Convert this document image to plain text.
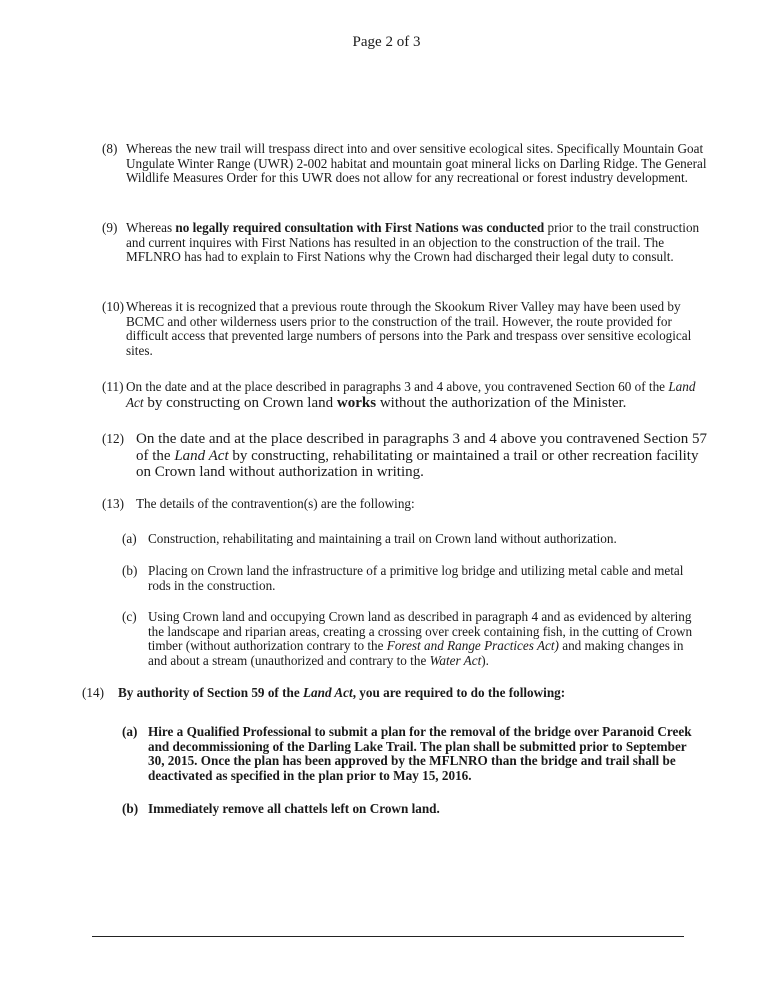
Page 2 of 3
(8) Whereas the new trail will trespass direct into and over sensitive ecological sites. Specifically Mountain Goat Ungulate Winter Range (UWR) 2-002 habitat and mountain goat mineral licks on Darling Ridge. The General Wildlife Measures Order for this UWR does not allow for any recreational or forest industry development.
(9) Whereas no legally required consultation with First Nations was conducted prior to the trail construction and current inquires with First Nations has resulted in an objection to the construction of the trail. The MFLNRO has had to explain to First Nations why the Crown had discharged their legal duty to consult.
(10) Whereas it is recognized that a previous route through the Skookum River Valley may have been used by BCMC and other wilderness users prior to the construction of the trail. However, the route provided for difficult access that prevented large numbers of persons into the Park and trespass over sensitive ecological sites.
(11) On the date and at the place described in paragraphs 3 and 4 above, you contravened Section 60 of the Land Act by constructing on Crown land works without the authorization of the Minister.
(12) On the date and at the place described in paragraphs 3 and 4 above you contravened Section 57 of the Land Act by constructing, rehabilitating or maintained a trail or other recreation facility on Crown land without authorization in writing.
(13) The details of the contravention(s) are the following:
(a) Construction, rehabilitating and maintaining a trail on Crown land without authorization.
(b) Placing on Crown land the infrastructure of a primitive log bridge and utilizing metal cable and metal rods in the construction.
(c) Using Crown land and occupying Crown land as described in paragraph 4 and as evidenced by altering the landscape and riparian areas, creating a crossing over creek containing fish, in the cutting of Crown timber (without authorization contrary to the Forest and Range Practices Act) and making changes in and about a stream (unauthorized and contrary to the Water Act).
(14) By authority of Section 59 of the Land Act, you are required to do the following:
(a) Hire a Qualified Professional to submit a plan for the removal of the bridge over Paranoid Creek and decommissioning of the Darling Lake Trail. The plan shall be submitted prior to September 30, 2015. Once the plan has been approved by the MFLNRO than the bridge and trail shall be deactivated as specified in the plan prior to May 15, 2016.
(b) Immediately remove all chattels left on Crown land.
